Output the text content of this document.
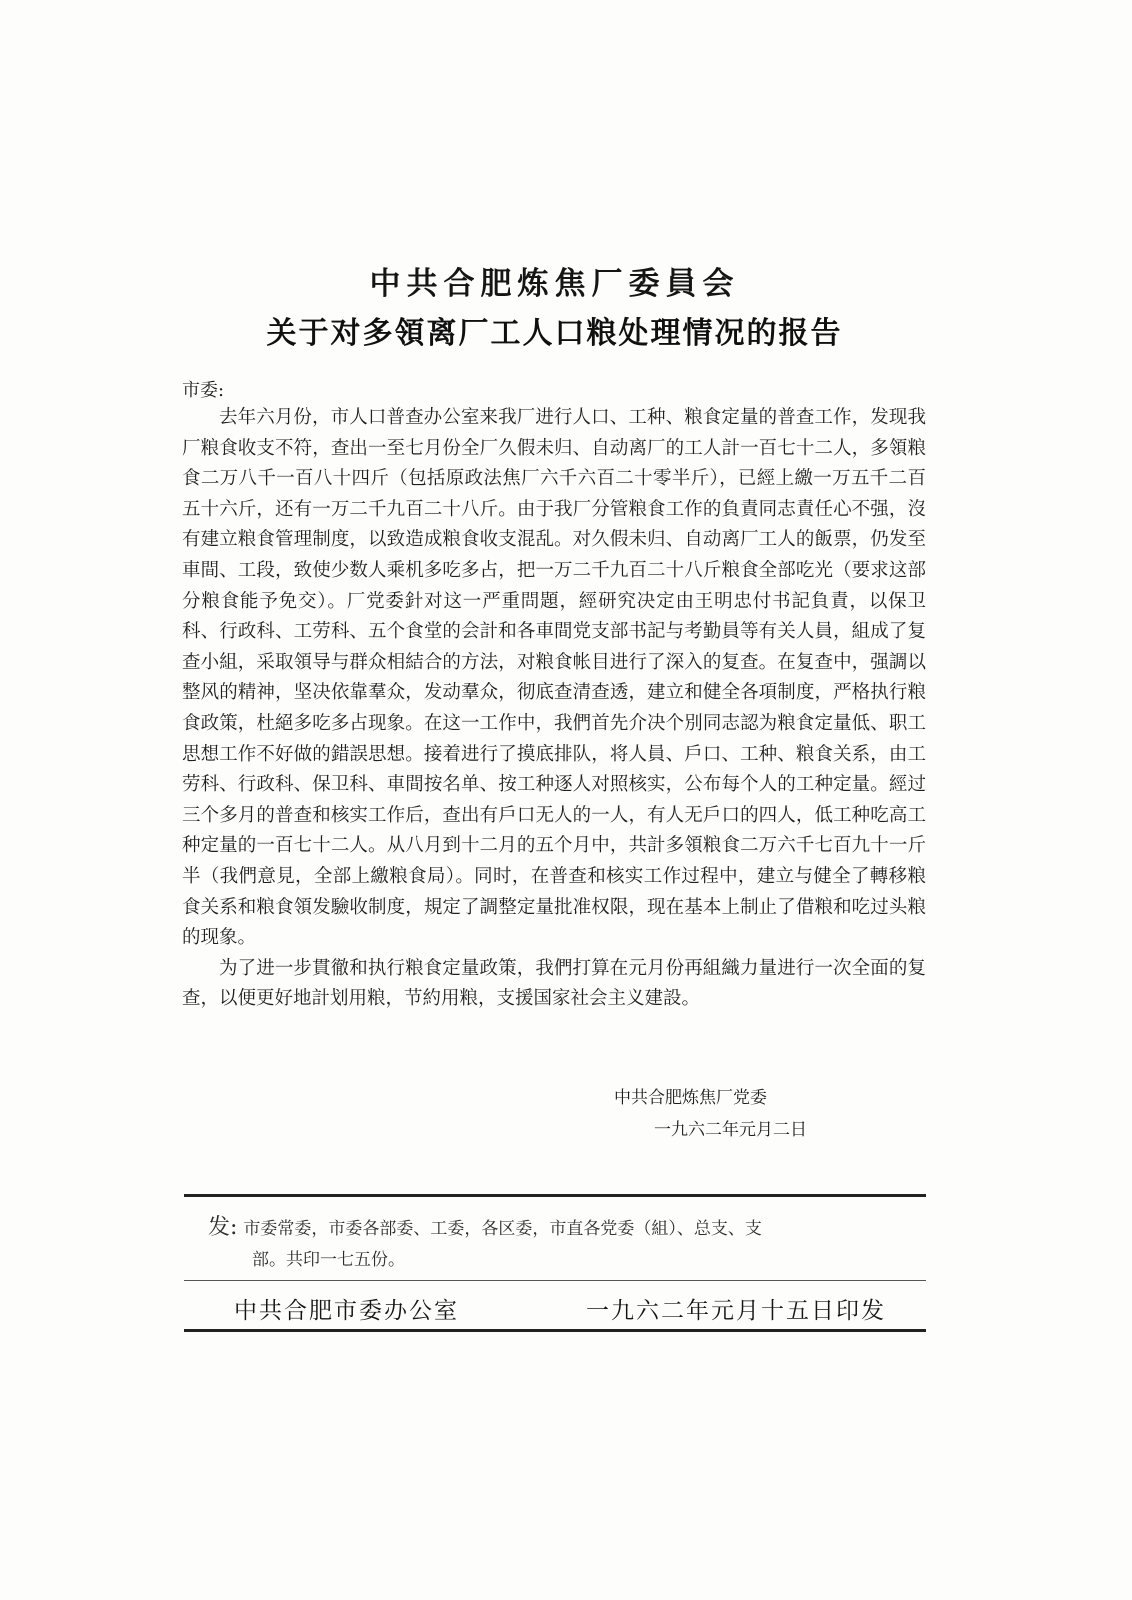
中共合肥炼焦厂委員会
关于对多領离厂工人口粮处理情况的报告
市委:

去年六月份，市人口普查办公室来我厂进行人口、工种、粮食定量的普查工作，发现我厂粮食收支不符，查出一至七月份全厂久假未归、自动离厂的工人計一百七十二人，多領粮食二万八千一百八十四斤（包括原政法焦厂六千六百二十零半斤），已經上繳一万五千二百五十六斤，还有一万二千九百二十八斤。由于我厂分管粮食工作的負責同志責任心不强，沒有建立粮食管理制度，以致造成粮食收支混乱。对久假未归、自动离厂工人的飯票，仍发至車間、工段，致使少数人乘机多吃多占，把一万二千九百二十八斤粮食全部吃光（要求这部分粮食能予免交）。厂党委針对这一严重問題，經研究决定由王明忠付书記負責，以保卫科、行政科、工劳科、五个食堂的会計和各車間党支部书記与考勤員等有关人員，組成了复查小組，采取領导与群众相結合的方法，对粮食帐目进行了深入的复查。在复查中，强調以整风的精神，坚决依靠羣众，发动羣众，彻底查清查透，建立和健全各項制度，严格执行粮食政策，杜絕多吃多占现象。在这一工作中，我們首先介决个別同志認为粮食定量低、职工思想工作不好做的錯誤思想。接着进行了摸底排队，将人員、戶口、工种、粮食关系，由工劳科、行政科、保卫科、車間按名单、按工种逐人对照核实，公布每个人的工种定量。經过三个多月的普查和核实工作后，查出有戶口无人的一人，有人无戶口的四人，低工种吃高工种定量的一百七十二人。从八月到十二月的五个月中，共計多領粮食二万六千七百九十一斤半（我們意見，全部上繳粮食局）。同时，在普查和核实工作过程中，建立与健全了轉移粮食关系和粮食領发驗收制度，規定了調整定量批准权限，现在基本上制止了借粮和吃过头粮的现象。

为了进一步貫徹和执行粮食定量政策，我們打算在元月份再組織力量进行一次全面的复查，以便更好地計划用粮，节約用粮，支援国家社会主义建設。

中共合肥炼焦厂党委
一九六二年元月二日
发: 市委常委，市委各部委、工委，各区委，市直各党委（組）、总支、支
部。共印一七五份。
中共合肥市委办公室	一九六二年元月十五日印发
